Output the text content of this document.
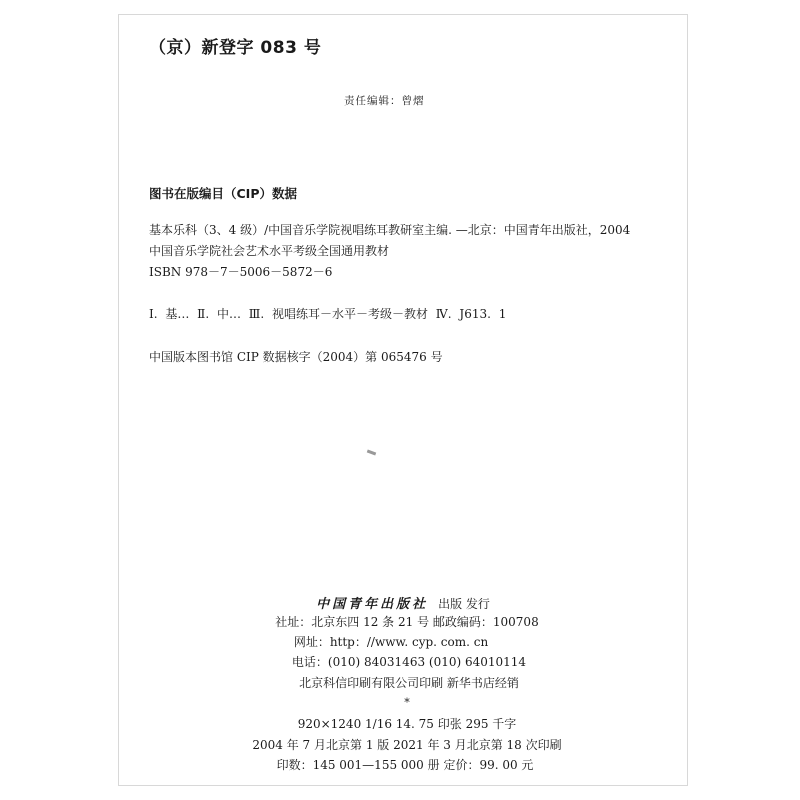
（京）新登字 083 号
责任编辑：曾熠
图书在版编目（CIP）数据
基本乐科（3、4 级）/中国音乐学院视唱练耳教研室主编. —北京：中国青年出版社，2004
中国音乐学院社会艺术水平考级全国通用教材
ISBN 978－7－5006－5872－6
Ⅰ. 基… Ⅱ. 中… Ⅲ. 视唱练耳－水平－考级－教材 Ⅳ. J613. 1
中国版本图书馆 CIP 数据核字（2004）第 065476 号
中国青年出版社 出版 发行
社址：北京东四 12 条 21 号 邮政编码：100708
网址：http：//www. cyp. com. cn
电话：(010) 84031463 (010) 64010114
北京科信印刷有限公司印刷 新华书店经销
*
920×1240 1/16 14. 75 印张 295 千字
2004 年 7 月北京第 1 版 2021 年 3 月北京第 18 次印刷
印数：145 001—155 000 册 定价：99. 00 元
